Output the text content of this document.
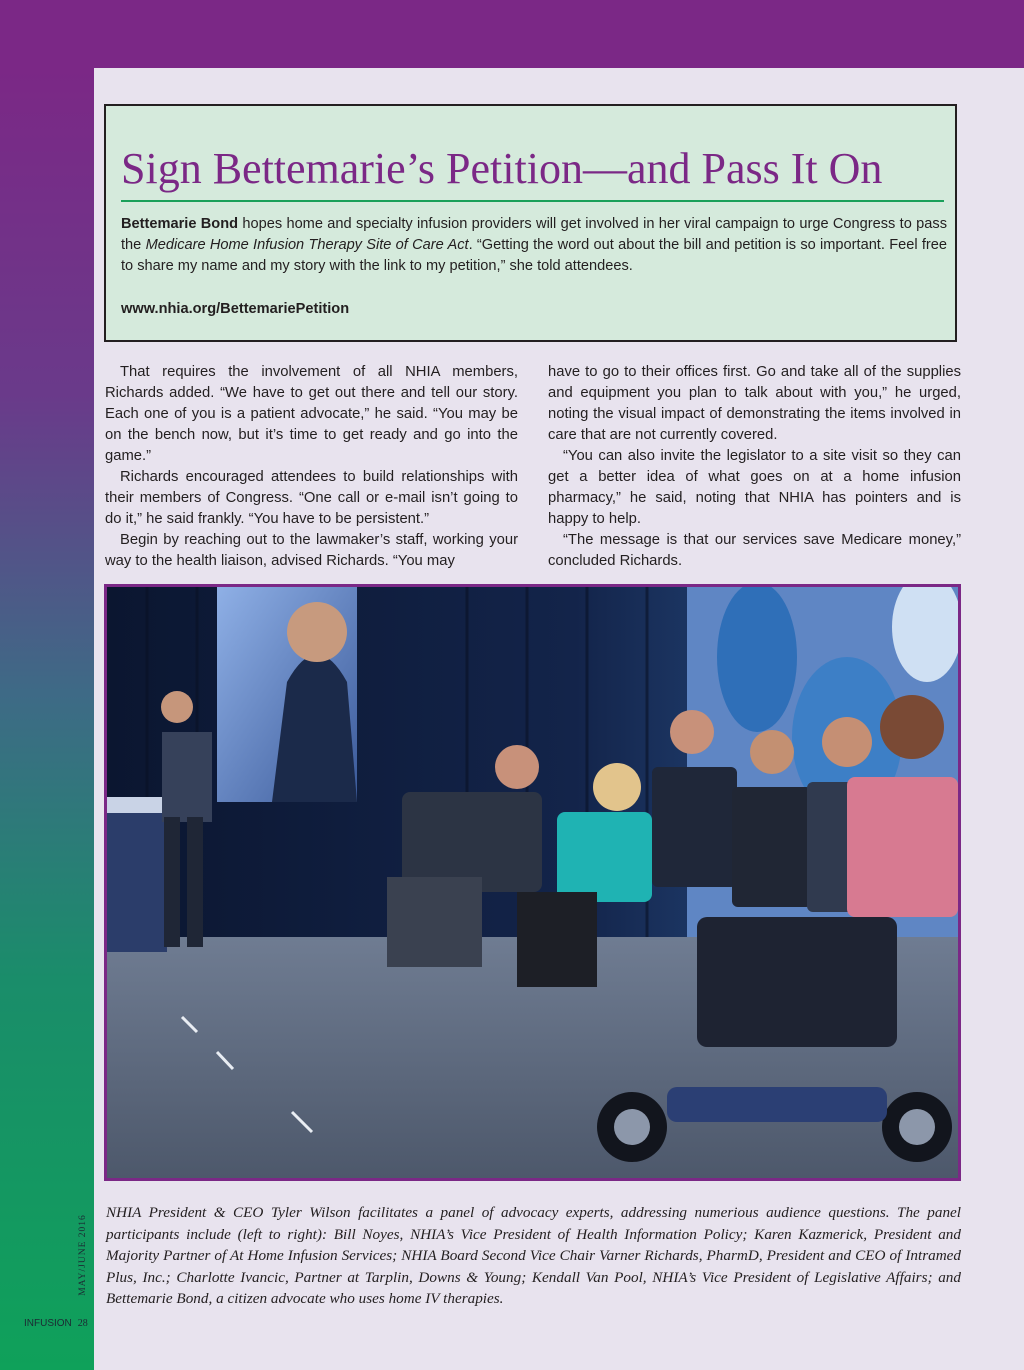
Sign Bettemarie’s Petition—and Pass It On

Bettemarie Bond hopes home and specialty infusion providers will get involved in her viral campaign to urge Congress to pass the Medicare Home Infusion Therapy Site of Care Act. “Getting the word out about the bill and petition is so important. Feel free to share my name and my story with the link to my petition,” she told attendees.

www.nhia.org/BettemariePetition

That requires the involvement of all NHIA members, Richards added. “We have to get out there and tell our story. Each one of you is a patient advocate,” he said. “You may be on the bench now, but it’s time to get ready and go into the game.”

Richards encouraged attendees to build relationships with their members of Congress. “One call or e-mail isn’t going to do it,” he said frankly. “You have to be persistent.”

Begin by reaching out to the lawmaker’s staff, working your way to the health liaison, advised Richards. “You may

have to go to their offices first. Go and take all of the supplies and equipment you plan to talk about with you,” he urged, noting the visual impact of demonstrating the items involved in care that are not currently covered.

“You can also invite the legislator to a site visit so they can get a better idea of what goes on at a home infusion pharmacy,” he said, noting that NHIA has pointers and is happy to help.

“The message is that our services save Medicare money,” concluded Richards.

NHIA President & CEO Tyler Wilson facilitates a panel of advocacy experts, addressing numerious audience questions. The panel participants include (left to right): Bill Noyes, NHIA’s Vice President of Health Information Policy; Karen Kazmerick, President and Majority Partner of At Home Infusion Services; NHIA Board Second Vice Chair Varner Richards, PharmD, President and CEO of Intramed Plus, Inc.; Charlotte Ivancic, Partner at Tarplin, Downs & Young; Kendall Van Pool, NHIA’s Vice President of Legislative Affairs; and Bettemarie Bond, a citizen advocate who uses home IV therapies.

MAY/JUNE 2016
INFUSION 28
